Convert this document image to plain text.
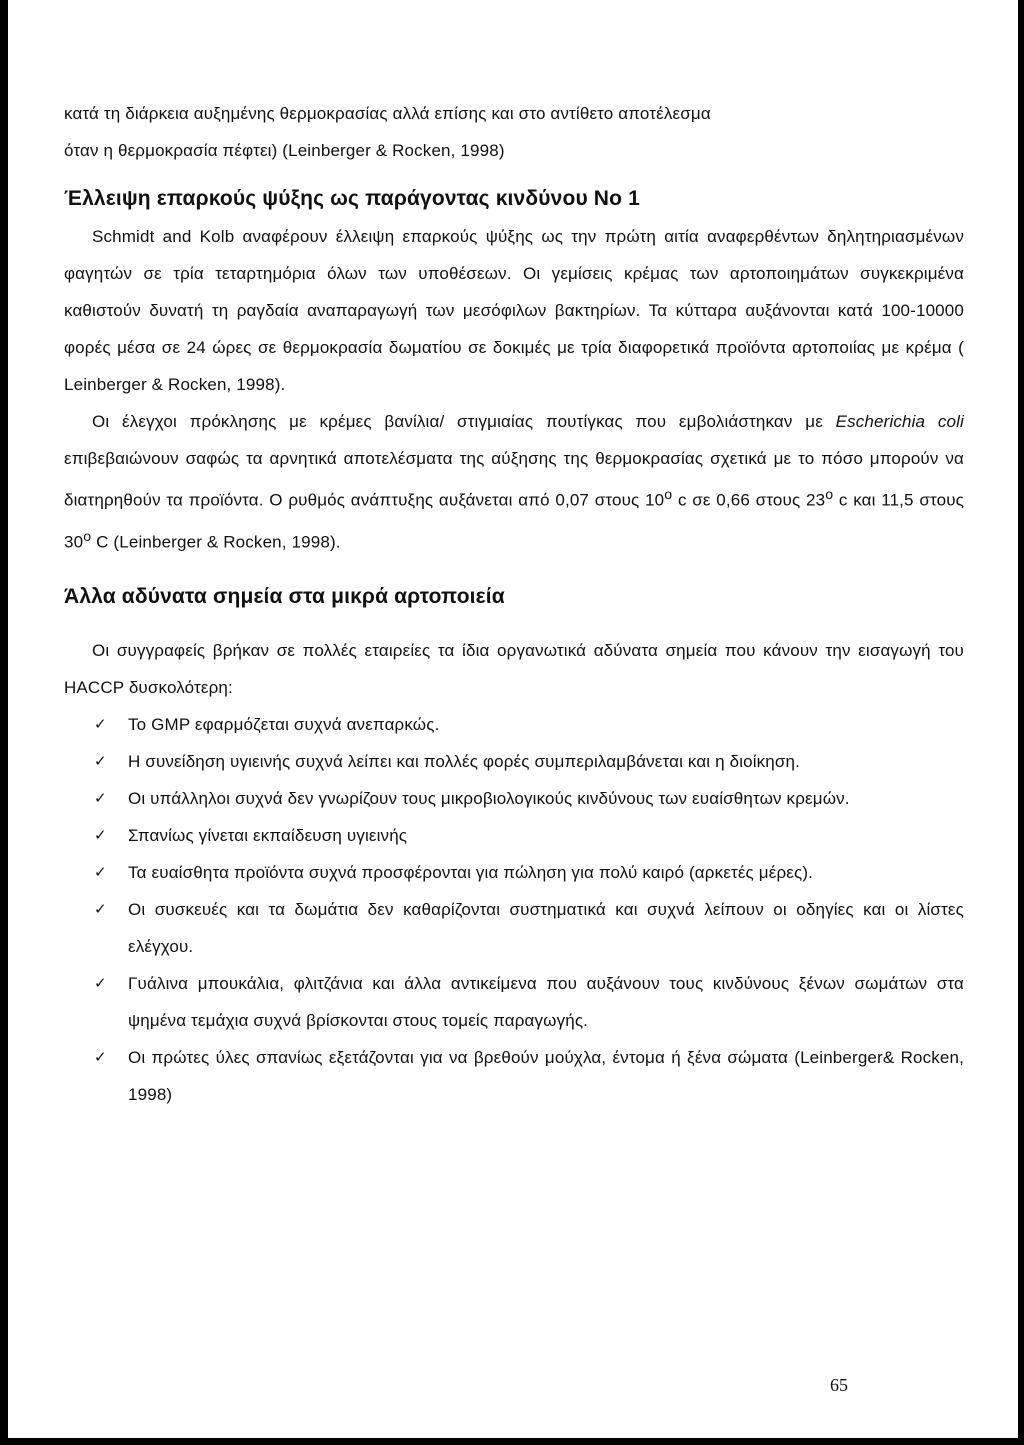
κατά τη διάρκεια αυξημένης θερμοκρασίας αλλά επίσης και στο αντίθετο αποτέλεσμα
όταν η θερμοκρασία πέφτει) (Leinberger & Rocken, 1998)

Έλλειψη επαρκούς ψύξης ως παράγοντας κινδύνου Νο 1

Schmidt and Kolb αναφέρουν έλλειψη επαρκούς ψύξης ως την πρώτη αιτία αναφερθέντων δηλητηριασμένων φαγητών σε τρία τεταρτημόρια όλων των υποθέσεων. Οι γεμίσεις κρέμας των αρτοποιημάτων συγκεκριμένα καθιστούν δυνατή τη ραγδαία αναπαραγωγή των μεσόφιλων βακτηρίων. Τα κύτταρα αυξάνονται κατά 100-10000 φορές μέσα σε 24 ώρες σε θερμοκρασία δωματίου σε δοκιμές με τρία διαφορετικά προϊόντα αρτοποιίας με κρέμα ( Leinberger & Rocken, 1998).

Οι έλεγχοι πρόκλησης με κρέμες βανίλια/ στιγμιαίας πουτίγκας που εμβολιάστηκαν με Escherichia coli επιβεβαιώνουν σαφώς τα αρνητικά αποτελέσματα της αύξησης της θερμοκρασίας σχετικά με το πόσο μπορούν να διατηρηθούν τα προϊόντα. Ο ρυθμός ανάπτυξης αυξάνεται από 0,07 στους 10$^o$ c σε 0,66 στους 23$^o$ c και 11,5 στους 30$^o$ C (Leinberger & Rocken, 1998).

Άλλα αδύνατα σημεία στα μικρά αρτοποιεία

Οι συγγραφείς βρήκαν σε πολλές εταιρείες τα ίδια οργανωτικά αδύνατα σημεία που κάνουν την εισαγωγή του HACCP δυσκολότερη:

✓ Το GMP εφαρμόζεται συχνά ανεπαρκώς.
✓ Η συνείδηση υγιεινής συχνά λείπει και πολλές φορές συμπεριλαμβάνεται και η διοίκηση.
✓ Οι υπάλληλοι συχνά δεν γνωρίζουν τους μικροβιολογικούς κινδύνους των ευαίσθητων κρεμών.
✓ Σπανίως γίνεται εκπαίδευση υγιεινής
✓ Τα ευαίσθητα προϊόντα συχνά προσφέρονται για πώληση για πολύ καιρό (αρκετές μέρες).
✓ Οι συσκευές και τα δωμάτια δεν καθαρίζονται συστηματικά και συχνά λείπουν οι οδηγίες και οι λίστες ελέγχου.
✓ Γυάλινα μπουκάλια, φλιτζάνια και άλλα αντικείμενα που αυξάνουν τους κινδύνους ξένων σωμάτων στα ψημένα τεμάχια συχνά βρίσκονται στους τομείς παραγωγής.
✓ Οι πρώτες ύλες σπανίως εξετάζονται για να βρεθούν μούχλα, έντομα ή ξένα σώματα (Leinberger& Rocken, 1998)
65
